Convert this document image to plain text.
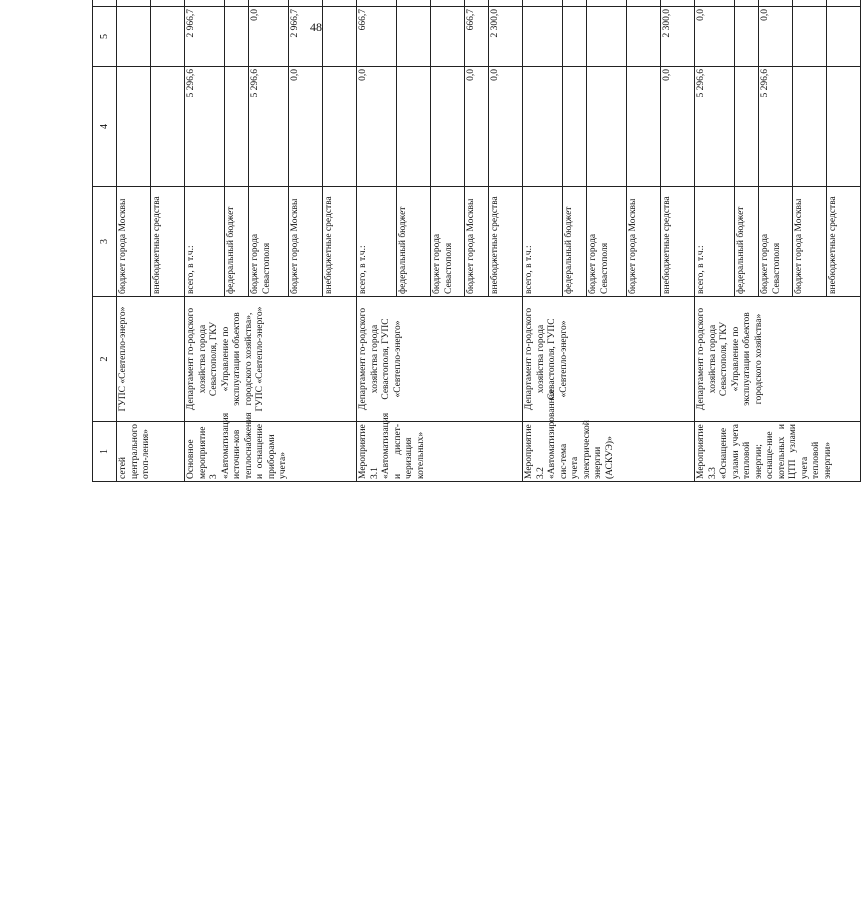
48
1	2	3	4	5					
сетей центрального отоп-ления»	ГУПС «Севтепло-энерго»	бюджет города Москвы							
		внебюджетные средства							
Основное мероприятие 3 «Автоматизация источни-ков теплоснабжения и оснащение приборами учета»	Департамент го-родского хозяйства города Севастополя, ГКУ «Управление по эксплуатации объектов городского хозяйства», ГУПС «Севтепло-энерго»	всего, в т.ч.:	5 296,6	2 966,7					
		федеральный бюджет							
		бюджет города Севастополя	5 296,6	0,0					
		бюджет города Москвы	0,0	2 966,7					
		внебюджетные средства							
Мероприятие 3.1 «Автоматизация и диспет-черизация котельных»	Департамент го-родского хозяйства города Севастополя, ГУПС «Севтепло-энерго»	всего, в т.ч.:	0,0	666,7					
		федеральный бюджет							
		бюджет города Севастополя							
		бюджет города Москвы	0,0	666,7					
		внебюджетные средства	0,0	2 300,0					
Мероприятие 3.2 «Автоматизированная сис-тема учета электрической энергии (АСКУЭ)»	Департамент го-родского хозяйства города Севастополя, ГУПС «Севтепло-энерго»	всего, в т.ч.:							
		федеральный бюджет							
		бюджет города Севастополя							
		бюджет города Москвы							
		внебюджетные средства	0,0	2 300,0					
Мероприятие 3.3 «Оснащение узлами учета тепловой энергии; оснаще-ние котельных и ЦТП узлами учета тепловой энергии»	Департамент го-родского хозяйства города Севастополя, ГКУ «Управление по эксплуатации объектов городского хозяйства»	всего, в т.ч.:	5 296,6	0,0					
		федеральный бюджет							
		бюджет города Севастополя	5 296,6	0,0					
		бюджет города Москвы							
		внебюджетные средства							
